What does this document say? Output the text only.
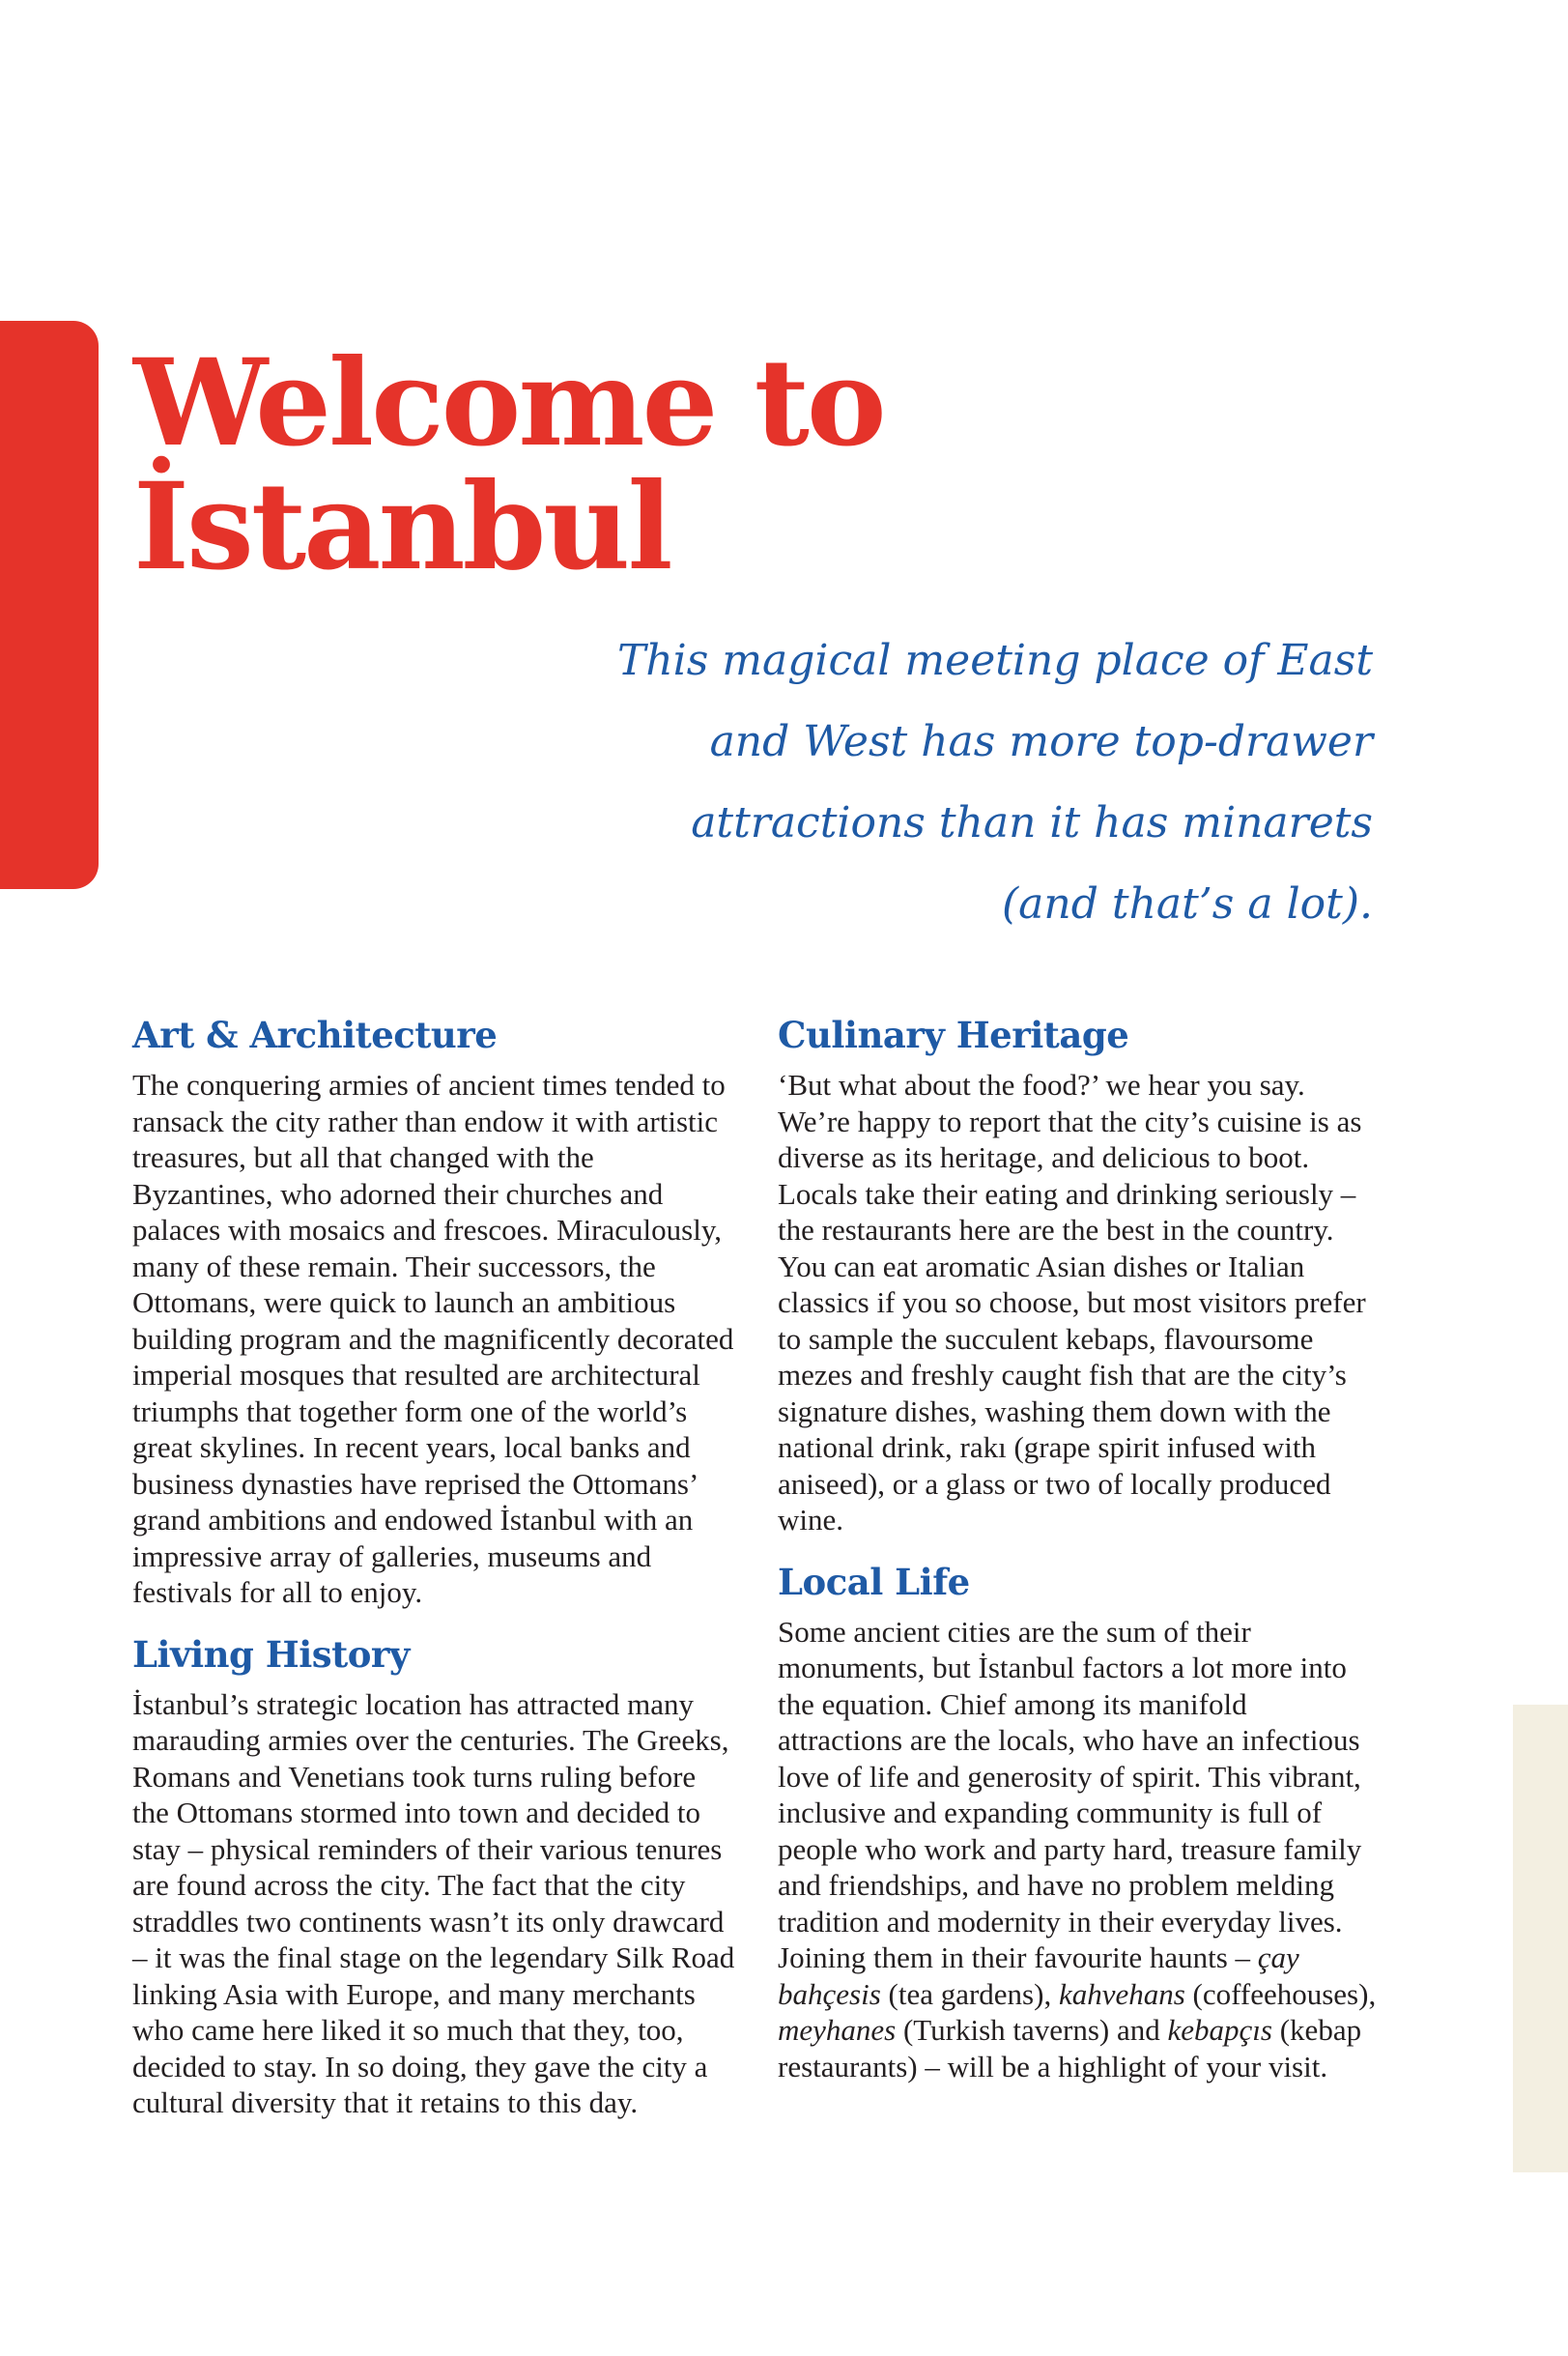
Welcome to
İstanbul

This magical meeting place of East
and West has more top-drawer
attractions than it has minarets
(and that’s a lot).

Art & Architecture

The conquering armies of ancient times tended to ransack the city rather than endow it with artistic treasures, but all that changed with the Byzantines, who adorned their churches and palaces with mosaics and frescoes. Miraculously, many of these remain. Their successors, the Ottomans, were quick to launch an ambitious building program and the magnificently decorated imperial mosques that resulted are architectural triumphs that together form one of the world’s great skylines. In recent years, local banks and business dynasties have reprised the Ottomans’ grand ambitions and endowed İstanbul with an impressive array of galleries, museums and festivals for all to enjoy.

Living History

İstanbul’s strategic location has attracted many marauding armies over the centuries. The Greeks, Romans and Venetians took turns ruling before the Ottomans stormed into town and decided to stay – physical reminders of their various tenures are found across the city. The fact that the city straddles two continents wasn’t its only drawcard – it was the final stage on the legendary Silk Road linking Asia with Europe, and many merchants who came here liked it so much that they, too, decided to stay. In so doing, they gave the city a cultural diversity that it retains to this day.

Culinary Heritage

‘But what about the food?’ we hear you say. We’re happy to report that the city’s cuisine is as diverse as its heritage, and delicious to boot. Locals take their eating and drinking seriously – the restaurants here are the best in the country. You can eat aromatic Asian dishes or Italian classics if you so choose, but most visitors prefer to sample the succulent kebaps, flavoursome mezes and freshly caught fish that are the city’s signature dishes, washing them down with the national drink, rakı (grape spirit infused with aniseed), or a glass or two of locally produced wine.

Local Life

Some ancient cities are the sum of their monuments, but İstanbul factors a lot more into the equation. Chief among its manifold attractions are the locals, who have an infectious love of life and generosity of spirit. This vibrant, inclusive and expanding community is full of people who work and party hard, treasure family and friendships, and have no problem melding tradition and modernity in their everyday lives. Joining them in their favourite haunts – çay bahçesis (tea gardens), kahvehans (coffeehouses), meyhanes (Turkish taverns) and kebapçıs (kebap restaurants) – will be a highlight of your visit.
